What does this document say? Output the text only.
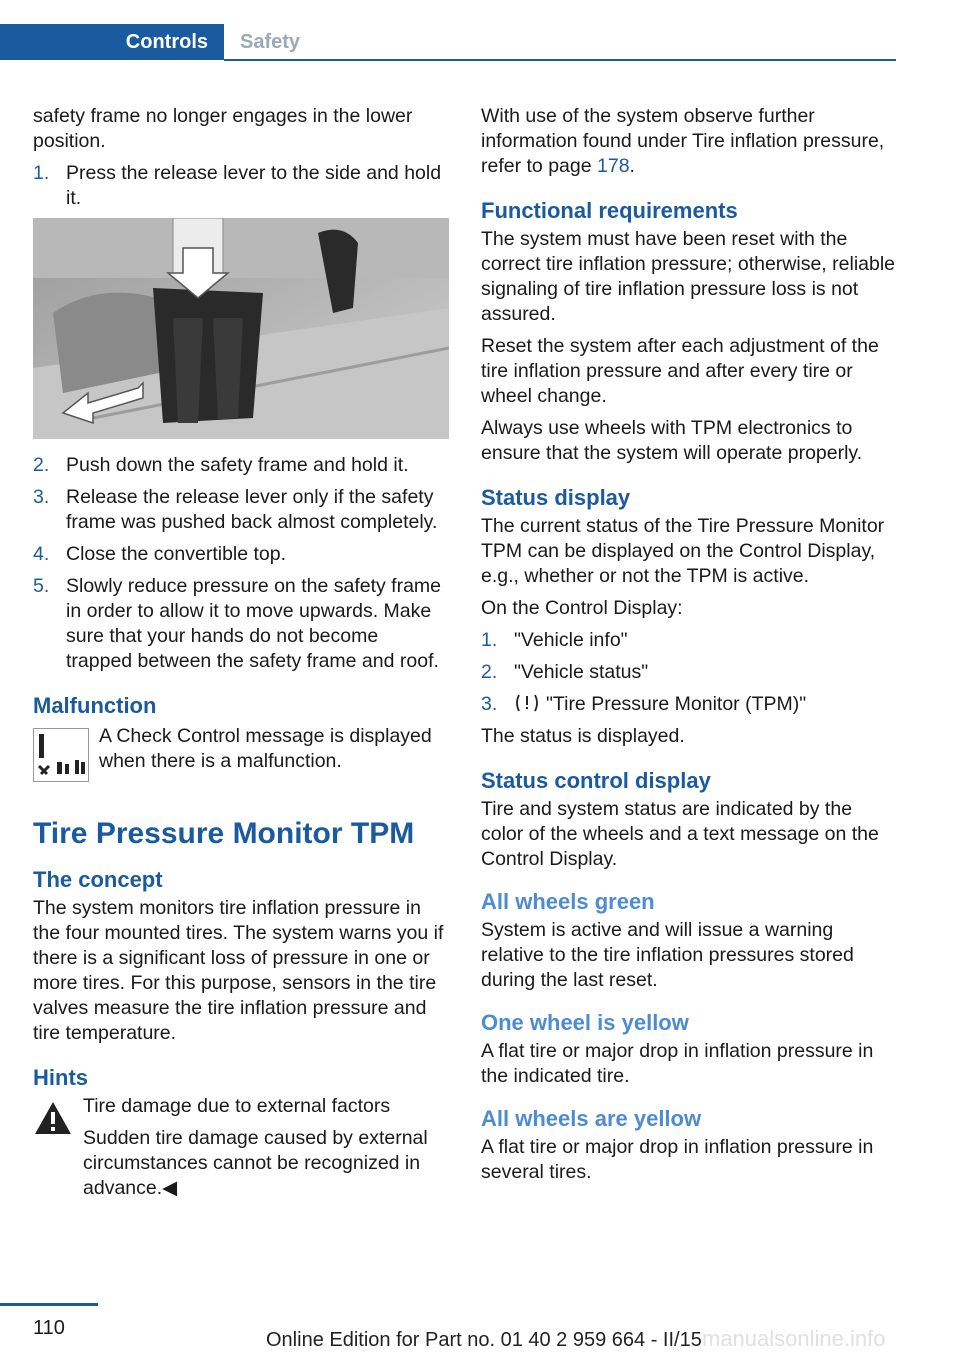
Controls Safety

safety frame no longer engages in the lower position.

1. Press the release lever to the side and hold it.
2. Push down the safety frame and hold it.
3. Release the release lever only if the safety frame was pushed back almost completely.
4. Close the convertible top.
5. Slowly reduce pressure on the safety frame in order to allow it to move upwards. Make sure that your hands do not become trapped between the safety frame and roof.
Malfunction
A Check Control message is displayed when there is a malfunction.
Tire Pressure Monitor TPM
The concept

The system monitors tire inflation pressure in the four mounted tires. The system warns you if there is a significant loss of pressure in one or more tires. For this purpose, sensors in the tire valves measure the tire inflation pressure and tire temperature.

Hints
Tire damage due to external factors
Sudden tire damage caused by external circumstances cannot be recognized in advance.◀

With use of the system observe further information found under Tire inflation pressure, refer to page 178.

Functional requirements

The system must have been reset with the correct tire inflation pressure; otherwise, reliable signaling of tire inflation pressure loss is not assured.

Reset the system after each adjustment of the tire inflation pressure and after every tire or wheel change.

Always use wheels with TPM electronics to ensure that the system will operate properly.

Status display

The current status of the Tire Pressure Monitor TPM can be displayed on the Control Display, e.g., whether or not the TPM is active.

On the Control Display:

1. "Vehicle info"
2. "Vehicle status"
3. "Tire Pressure Monitor (TPM)"

The status is displayed.

Status control display

Tire and system status are indicated by the color of the wheels and a text message on the Control Display.

All wheels green

System is active and will issue a warning relative to the tire inflation pressures stored during the last reset.

One wheel is yellow

A flat tire or major drop in inflation pressure in the indicated tire.

All wheels are yellow

A flat tire or major drop in inflation pressure in several tires.

110	manualsonline.info
Online Edition for Part no. 01 40 2 959 664 - II/15
